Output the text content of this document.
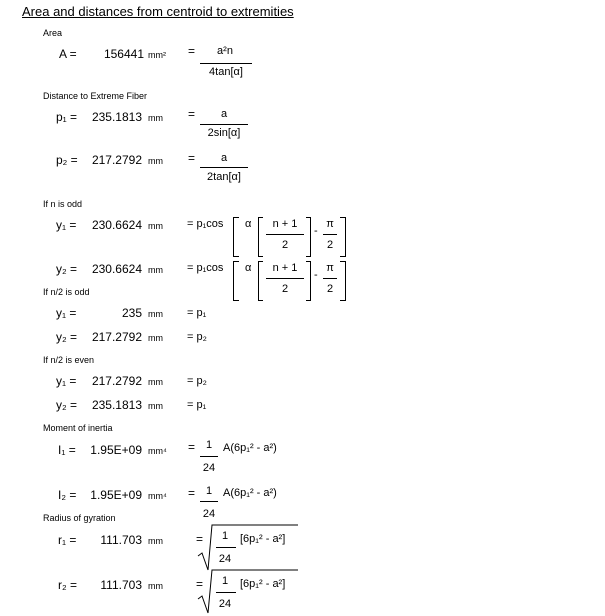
Area and distances from centroid to extremities
Area
A =	156441 mm² =	a²n
4tan[α]
Distance to Extreme Fiber
p₁ =	235.1813 mm =	a
2sin[α]
p₂ =	217.2792 mm =	a
2tan[α]
If n is odd
y₁ =	230.6624 mm = p₁cos α	n + 1
2
-
π
2
y₂ =	230.6624 mm = p₁cos α	n + 1
2
-
π
2
If n/2 is odd
y₁ =	235 mm = p₁
y₂ =	217.2792 mm = p₂
If n/2 is even
y₁ =	217.2792 mm = p₂
y₂ =	235.1813 mm = p₁
Moment of inertia
I₁ =	1.95E+09 mm⁴ = 1
24
A(6p₁² - a²)
I₂ =	1.95E+09 mm⁴ = 1
24
A(6p₁² - a²)
Radius of gyration
r₁ =	111.703 mm	=	1
24
[6p₁² - a²]
r₂ =	111.703 mm	=	1
24
[6p₁² - a²]
